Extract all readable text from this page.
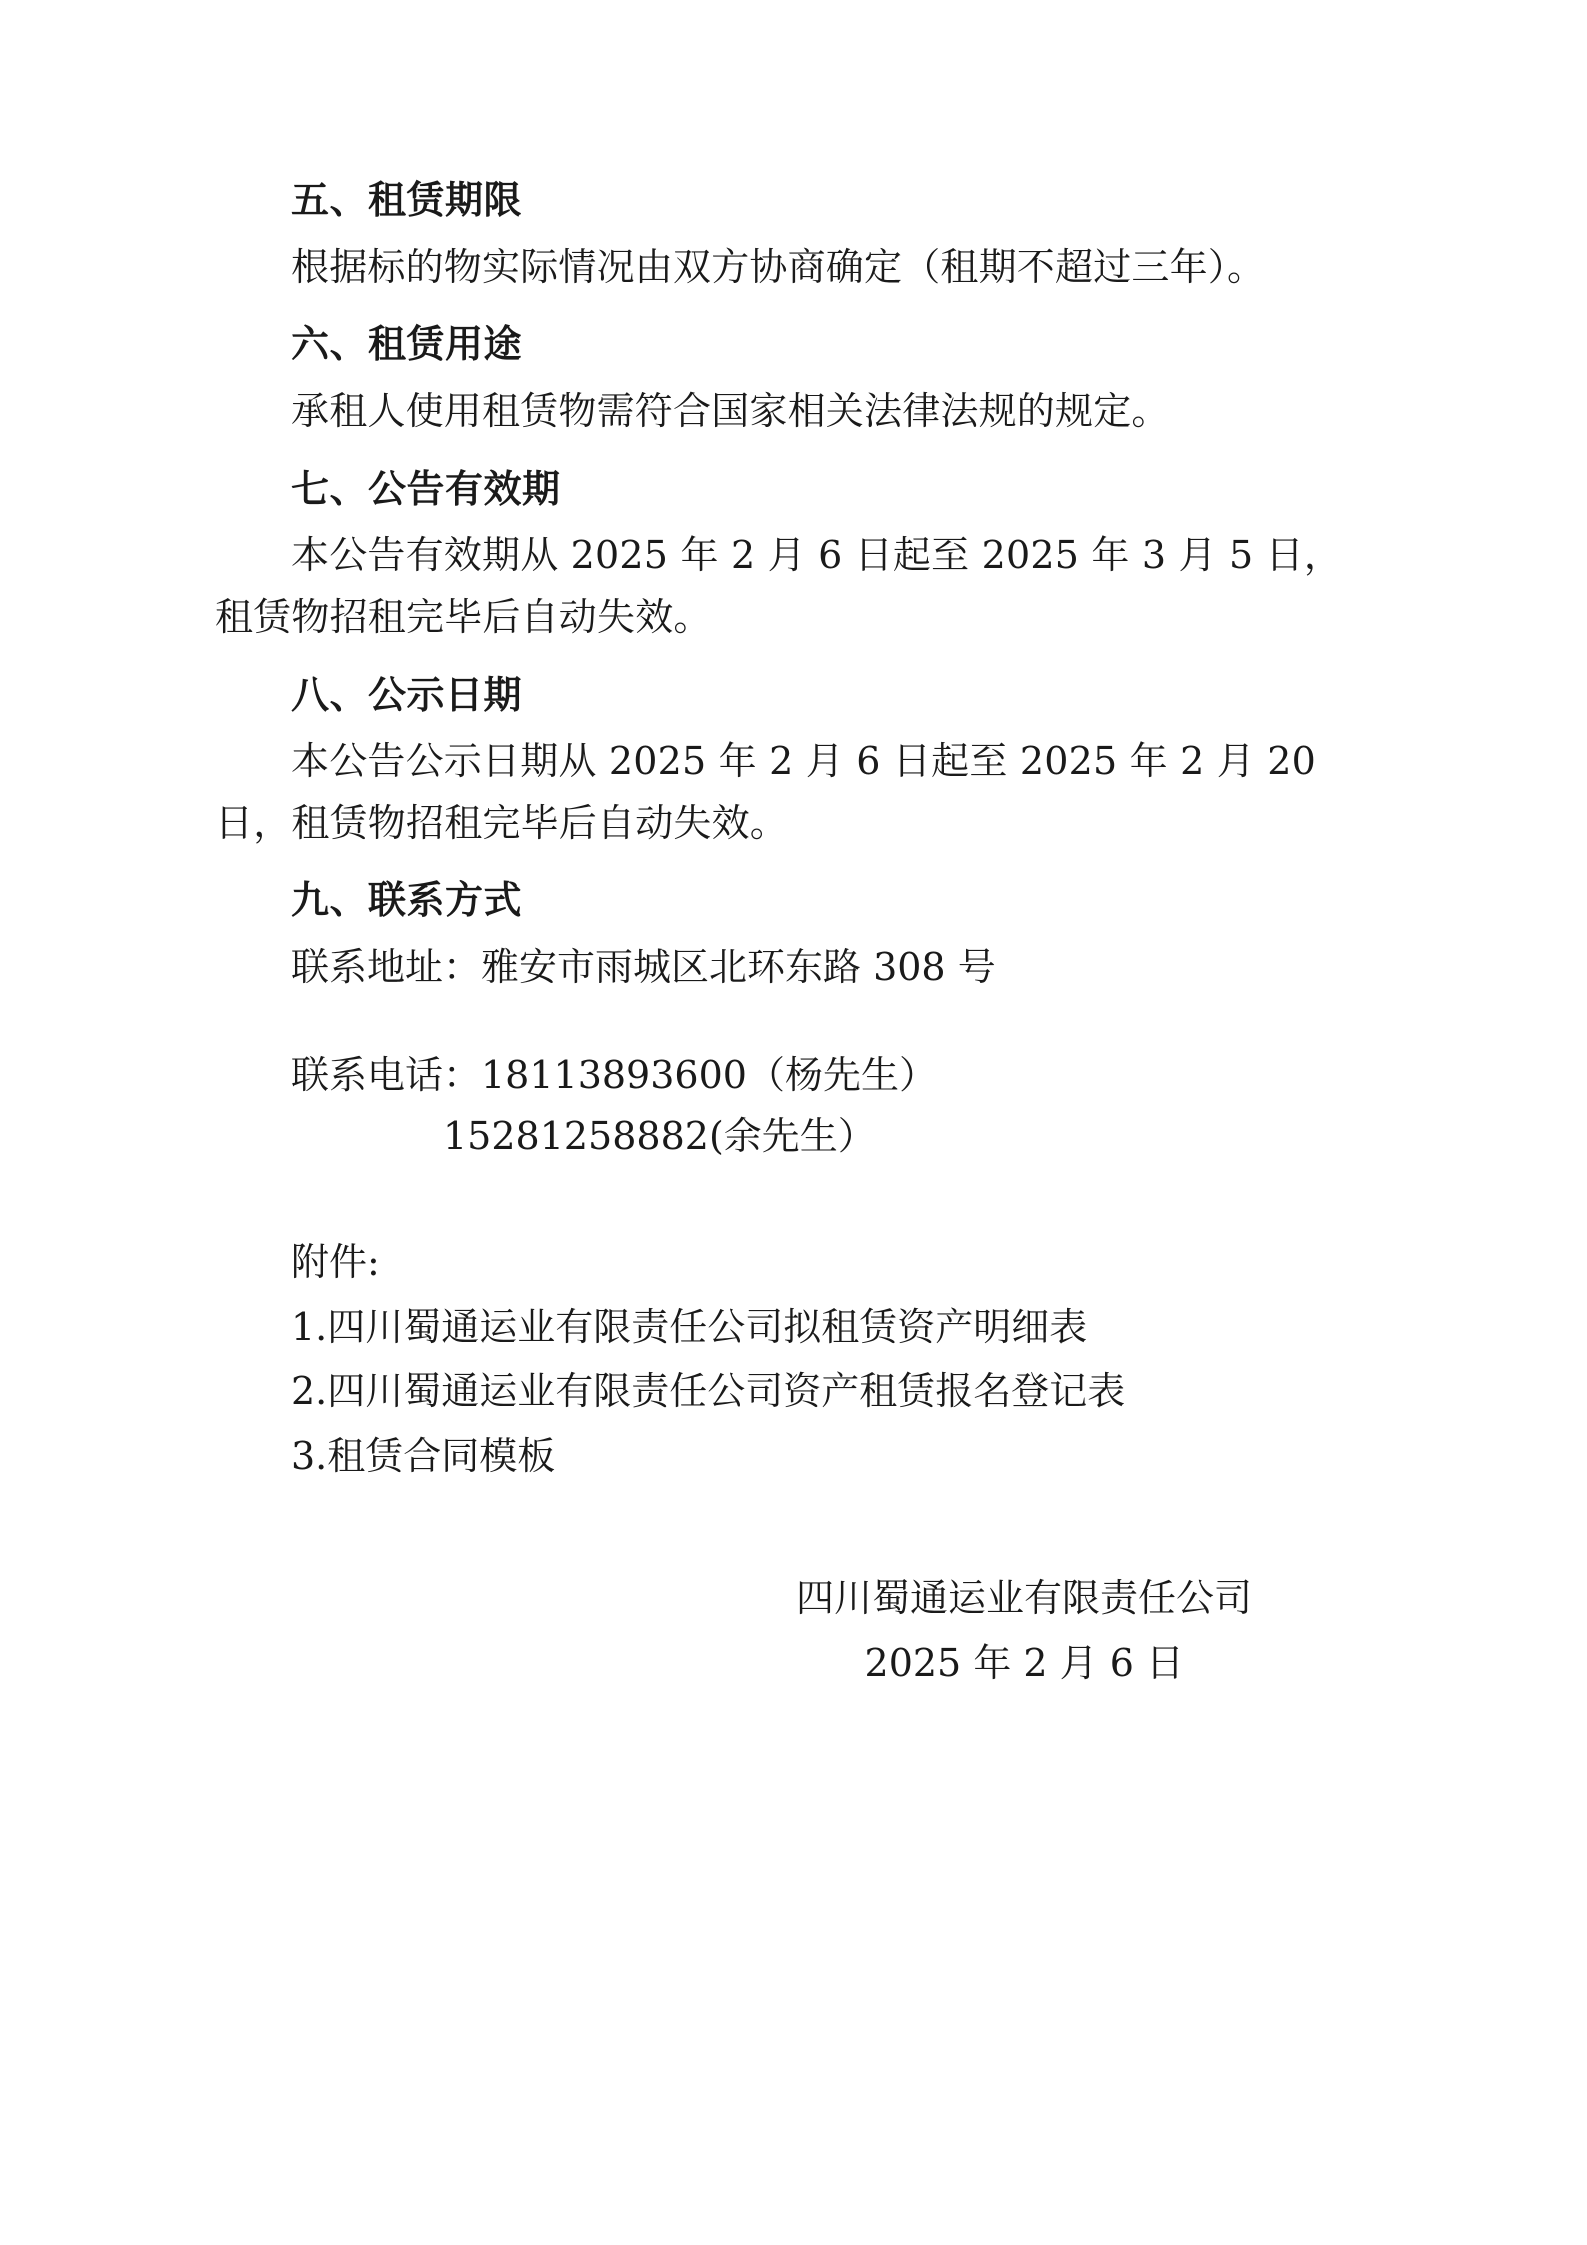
五、租赁期限

根据标的物实际情况由双方协商确定（租期不超过三年）。

六、租赁用途

承租人使用租赁物需符合国家相关法律法规的规定。

七、公告有效期

本公告有效期从 2025 年 2 月 6 日起至 2025 年 3 月 5 日，租赁物招租完毕后自动失效。

八、公示日期

本公告公示日期从 2025 年 2 月 6 日起至 2025 年 2 月 20 日，租赁物招租完毕后自动失效。

九、联系方式

联系地址：雅安市雨城区北环东路 308 号

联系电话：18113893600（杨先生）

15281258882(余先生）

附件:

1.四川蜀通运业有限责任公司拟租赁资产明细表

2.四川蜀通运业有限责任公司资产租赁报名登记表

3.租赁合同模板

四川蜀通运业有限责任公司

2025 年 2 月 6 日
